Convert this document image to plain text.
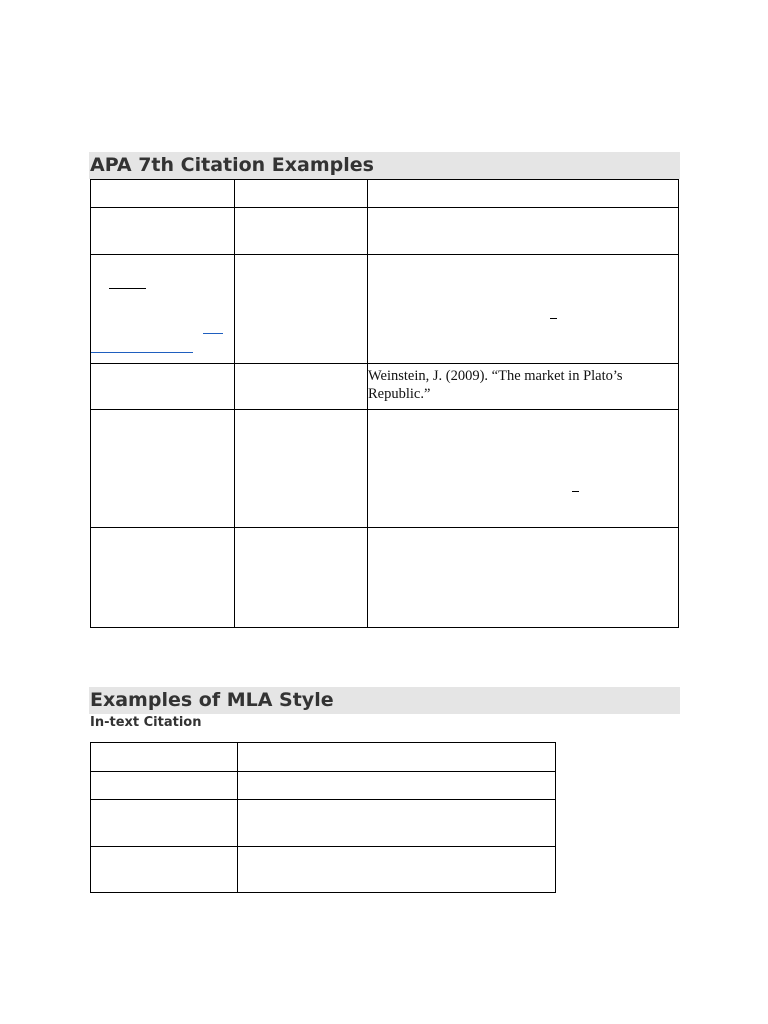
APA 7th Citation Examples

		Weinstein, J. (2009). “The market in Plato’s Republic.”

Examples of MLA Style
In-text Citation
